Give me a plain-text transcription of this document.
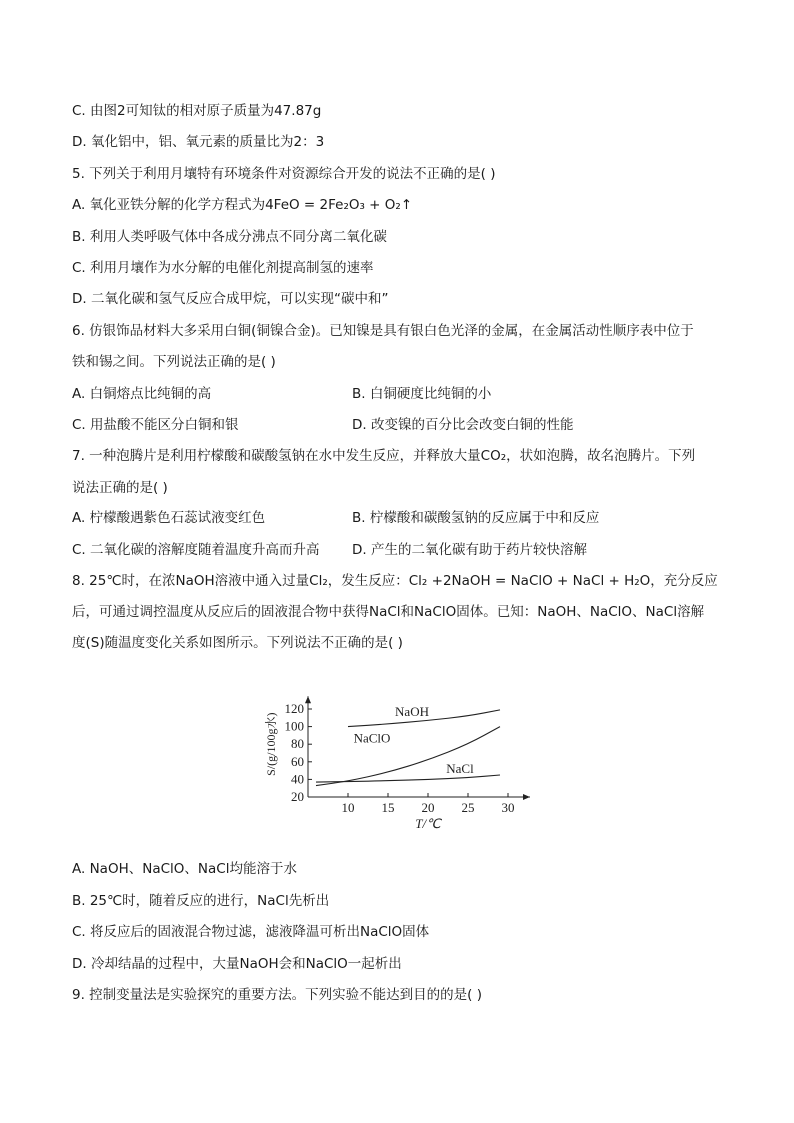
C. 由图2可知钛的相对原子质量为47.87g
D. 氧化铝中，铝、氧元素的质量比为2：3
5. 下列关于利用月壤特有环境条件对资源综合开发的说法不正确的是( )
A. 氧化亚铁分解的化学方程式为4FeO = 2Fe₂O₃ + O₂↑
B. 利用人类呼吸气体中各成分沸点不同分离二氧化碳
C. 利用月壤作为水分解的电催化剂提高制氢的速率
D. 二氧化碳和氢气反应合成甲烷，可以实现“碳中和”
6. 仿银饰品材料大多采用白铜(铜镍合金)。已知镍是具有银白色光泽的金属，在金属活动性顺序表中位于
铁和锡之间。下列说法正确的是( )
A. 白铜熔点比纯铜的高	B. 白铜硬度比纯铜的小
C. 用盐酸不能区分白铜和银	D. 改变镍的百分比会改变白铜的性能
7. 一种泡腾片是利用柠檬酸和碳酸氢钠在水中发生反应，并释放大量CO₂，状如泡腾，故名泡腾片。下列
说法正确的是( )
A. 柠檬酸遇紫色石蕊试液变红色	B. 柠檬酸和碳酸氢钠的反应属于中和反应
C. 二氧化碳的溶解度随着温度升高而升高 D. 产生的二氧化碳有助于药片较快溶解
8. 25℃时，在浓NaOH溶液中通入过量Cl₂，发生反应：Cl₂ +2NaOH = NaClO + NaCl + H₂O，充分反应
后，可通过调控温度从反应后的固液混合物中获得NaCl和NaClO固体。已知：NaOH、NaClO、NaCl溶解
度(S)随温度变化关系如图所示。下列说法不正确的是( )
10 15 20 25 30
20
40
60
80
100
120
T/℃
S/(g/100g水)
NaOH
NaClO
NaCl
A. NaOH、NaClO、NaCl均能溶于水
B. 25℃时，随着反应的进行，NaCl先析出
C. 将反应后的固液混合物过滤，滤液降温可析出NaClO固体
D. 冷却结晶的过程中，大量NaOH会和NaClO一起析出
9. 控制变量法是实验探究的重要方法。下列实验不能达到目的的是( )
